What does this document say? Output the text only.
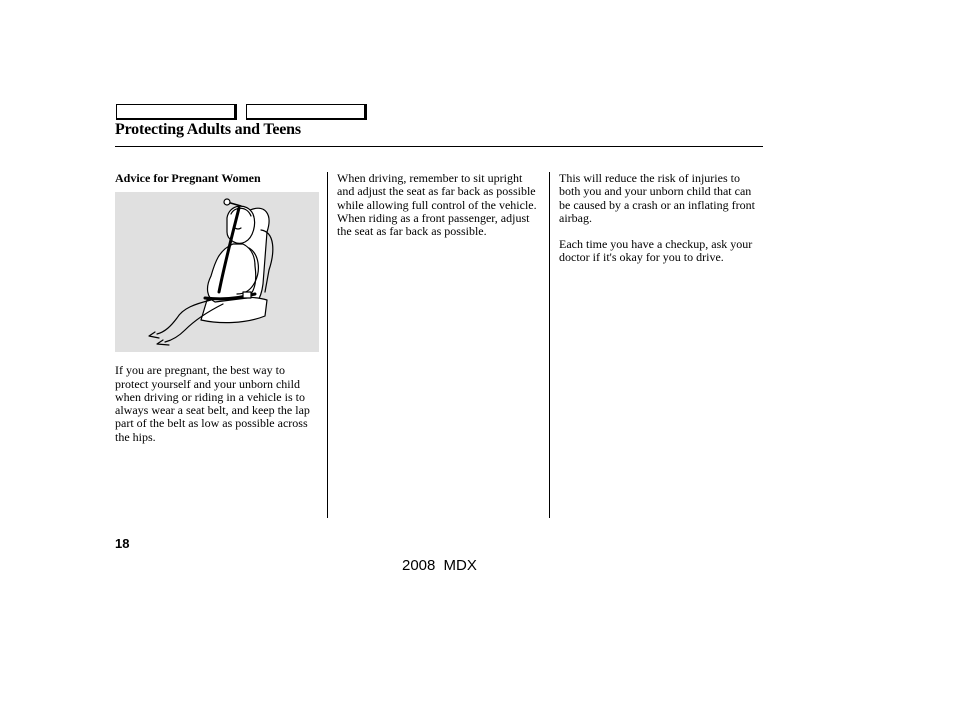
Protecting Adults and Teens
Advice for Pregnant Women

If you are pregnant, the best way to protect yourself and your unborn child when driving or riding in a vehicle is to always wear a seat belt, and keep the lap part of the belt as low as possible across the hips.

When driving, remember to sit upright and adjust the seat as far back as possible while allowing full control of the vehicle. When riding as a front passenger, adjust the seat as far back as possible.

This will reduce the risk of injuries to both you and your unborn child that can be caused by a crash or an inflating front airbag.

Each time you have a checkup, ask your doctor if it's okay for you to drive.

18
2008 MDX
